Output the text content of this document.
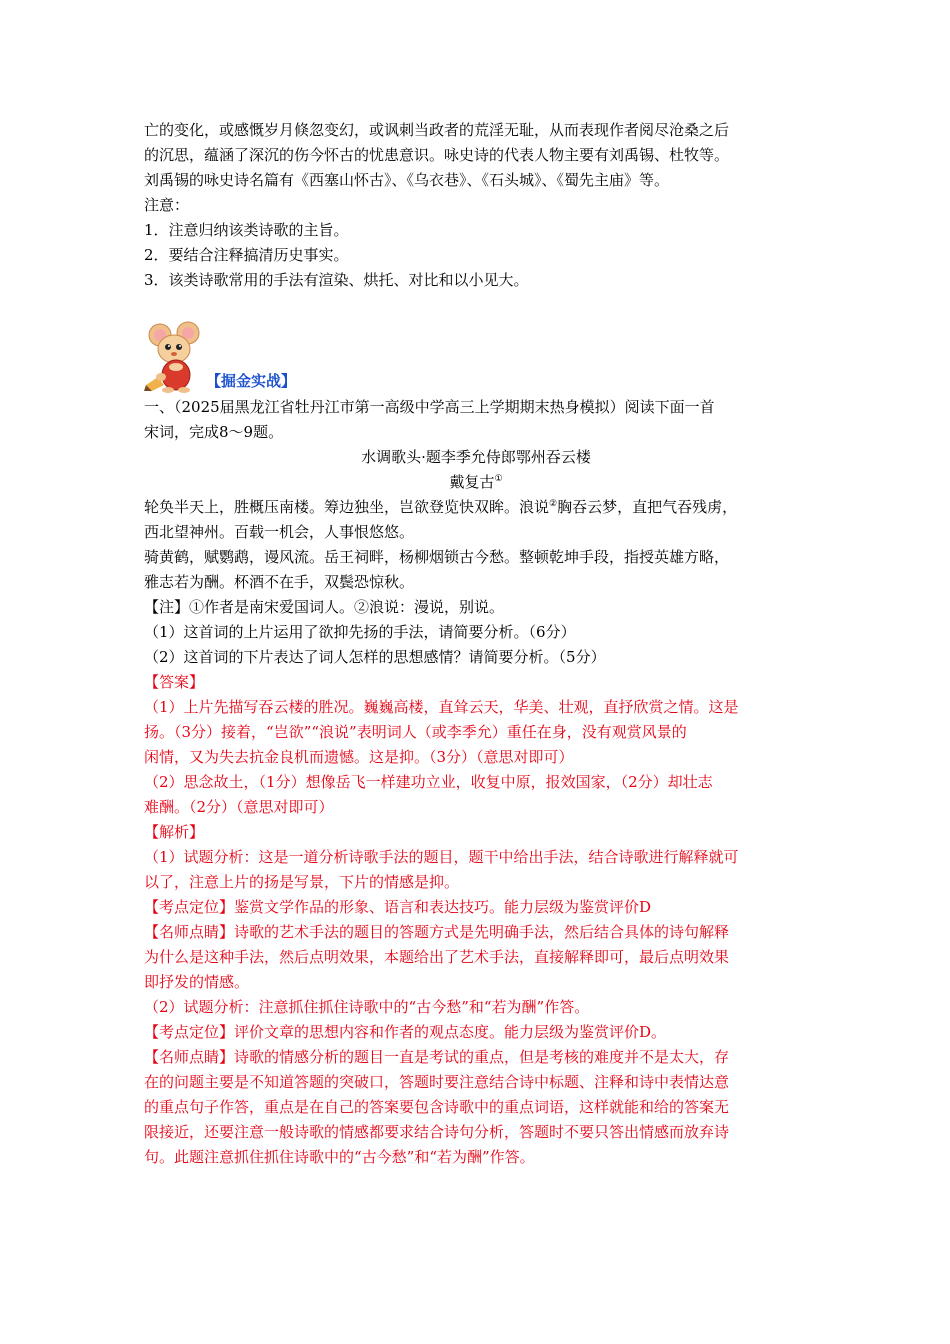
亡的变化，或感慨岁月倏忽变幻，或讽刺当政者的荒淫无耻，从而表现作者阅尽沧桑之后
的沉思，蕴涵了深沉的伤今怀古的忧患意识。咏史诗的代表人物主要有刘禹锡、杜牧等。
刘禹锡的咏史诗名篇有《西塞山怀古》、《乌衣巷》、《石头城》、《蜀先主庙》等。
注意：
1．注意归纳该类诗歌的主旨。
2．要结合注释搞清历史事实。
3．该类诗歌常用的手法有渲染、烘托、对比和以小见大。
【掘金实战】
一、（2025届黑龙江省牡丹江市第一高级中学高三上学期期末热身模拟）阅读下面一首
宋词，完成8～9题。
水调歌头·题李季允侍郎鄂州吞云楼
戴复古①
轮奂半天上，胜概压南楼。筹边独坐，岂欲登览快双眸。浪说②胸吞云梦，直把气吞残虏，
西北望神州。百载一机会，人事恨悠悠。
骑黄鹤，赋鹦鹉，谩风流。岳王祠畔，杨柳烟锁古今愁。整顿乾坤手段，指授英雄方略，
雅志若为酬。杯酒不在手，双鬓恐惊秋。
【注】①作者是南宋爱国词人。②浪说：漫说，别说。
（1）这首词的上片运用了欲抑先扬的手法，请简要分析。（6分）
（2）这首词的下片表达了词人怎样的思想感情？请简要分析。（5分）
【答案】
（1）上片先描写吞云楼的胜况。巍巍高楼，直耸云天，华美、壮观，直抒欣赏之情。这是
扬。（3分）接着，“岂欲”“浪说”表明词人（或李季允）重任在身，没有观赏风景的
闲情，又为失去抗金良机而遗憾。这是抑。（3分）（意思对即可）
（2）思念故土，（1分）想像岳飞一样建功立业，收复中原，报效国家，（2分）却壮志
难酬。（2分）（意思对即可）
【解析】
（1）试题分析：这是一道分析诗歌手法的题目，题干中给出手法，结合诗歌进行解释就可
以了，注意上片的扬是写景，下片的情感是抑。
【考点定位】鉴赏文学作品的形象、语言和表达技巧。能力层级为鉴赏评价D
【名师点睛】诗歌的艺术手法的题目的答题方式是先明确手法，然后结合具体的诗句解释
为什么是这种手法，然后点明效果，本题给出了艺术手法，直接解释即可，最后点明效果
即抒发的情感。
（2）试题分析：注意抓住抓住诗歌中的“古今愁”和“若为酬”作答。
【考点定位】评价文章的思想内容和作者的观点态度。能力层级为鉴赏评价D。
【名师点睛】诗歌的情感分析的题目一直是考试的重点，但是考核的难度并不是太大，存
在的问题主要是不知道答题的突破口，答题时要注意结合诗中标题、注释和诗中表情达意
的重点句子作答，重点是在自己的答案要包含诗歌中的重点词语，这样就能和给的答案无
限接近，还要注意一般诗歌的情感都要求结合诗句分析，答题时不要只答出情感而放弃诗
句。此题注意抓住抓住诗歌中的“古今愁”和“若为酬”作答。
